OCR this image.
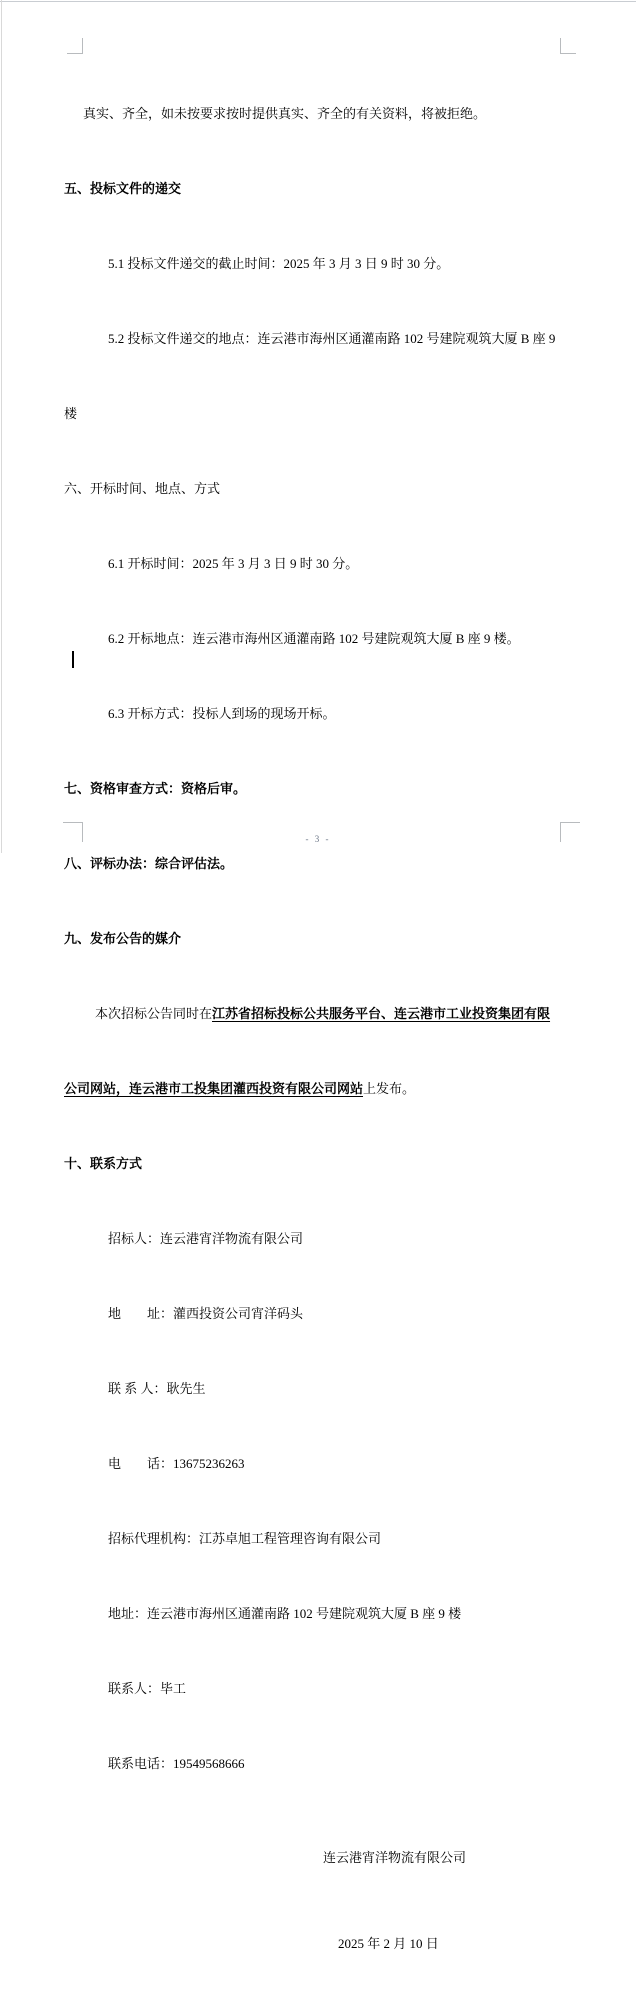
真实、齐全，如未按要求按时提供真实、齐全的有关资料，将被拒绝。

五、投标文件的递交

5.1 投标文件递交的截止时间：2025 年 3 月 3 日 9 时 30 分。

5.2 投标文件递交的地点：连云港市海州区通灌南路 102 号建院观筑大厦 B 座 9

楼

六、开标时间、地点、方式

6.1 开标时间：2025 年 3 月 3 日 9 时 30 分。

6.2 开标地点：连云港市海州区通灌南路 102 号建院观筑大厦 B 座 9 楼。

6.3 开标方式：投标人到场的现场开标。

七、资格审查方式：资格后审。

八、评标办法：综合评估法。

九、发布公告的媒介

本次招标公告同时在江苏省招标投标公共服务平台、连云港市工业投资集团有限

公司网站，连云港市工投集团灌西投资有限公司网站上发布。

十、联系方式

招标人：连云港宵洋物流有限公司

地　　址：灌西投资公司宵洋码头

联 系 人：耿先生

电　　话：13675236263

招标代理机构：江苏卓旭工程管理咨询有限公司

地址：连云港市海州区通灌南路 102 号建院观筑大厦 B 座 9 楼

联系人：毕工

联系电话：19549568666

连云港宵洋物流有限公司

2025 年 2 月 10 日

- 3 -
